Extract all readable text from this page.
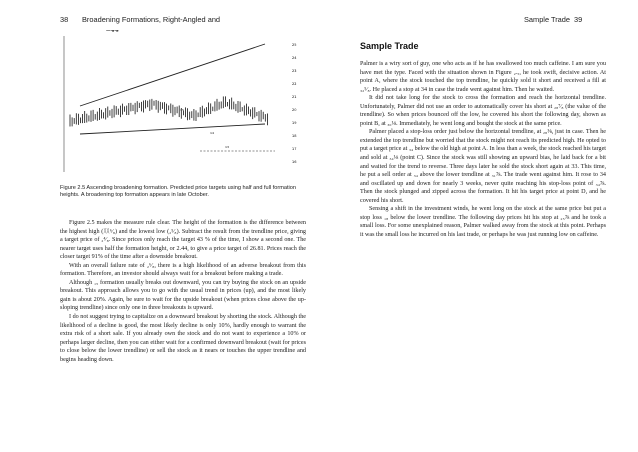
38 Broadening Formations, Right-Angled and
̶ ₐ̶ ₐ̶
₁₅
₁₄
₁₃
₂₅
₂₄
₂₃
₂₂
₂₁
₂₀
₁₉
₁₈
₁₇
₁₆
Figure 2.5 Ascending broadening formation. Predicted price targets using half and full formation heights. A broadening top formation appears in late October.

Figure 2.5 makes the measure rule clear. The height of the formation is the difference between the highest high (〷⁶⁄₈) and the lowest low (₂⁵⁄₈). Subtract the result from the trendline price, giving a target price of ₂⁴⁄₈. Since prices only reach the target 43 % of the time, I show a second one. The nearer target uses half the formation height, or 2.44, to give a price target of 26.81. Prices reach the closer target 91% of the time after a downside breakout.

With an overall failure rate of ₂⁶⁄₈, there is a high likelihood of an adverse breakout from this formation. Therefore, an investor should always wait for a breakout before making a trade.

Although ₁₅ formation usually breaks out downward, you can try buying the stock on an upside breakout. This approach allows you to go with the usual trend in prices (up), and the most likely gain is about 20%. Again, be sure to wait for the upside breakout (when prices close above the up-sloping trendline) since only one in three breakouts is upward.

I do not suggest trying to capitalize on a downward breakout by shorting the stock. Although the likelihood of a decline is good, the most likely decline is only 10%, hardly enough to warrant the extra risk of a short sale. If you already own the stock and do not want to experience a 10% or perhaps larger decline, then you can either wait for a confirmed downward breakout (wait for prices to close below the lower trendline) or sell the stock as it nears or touches the upper trendline and begins heading down.

Sample Trade 39
Sample Trade

Palmer is a wiry sort of guy, one who acts as if he has swallowed too much caffeine. I am sure you have met the type. Faced with the situation shown in Figure ₂.₅, he took swift, decisive action. At point A, where the stock touched the top trendline, he quickly sold it short and received a fill at ₃₂⁵⁄₈. He placed a stop at 34 in case the trade went against him. Then he waited.

It did not take long for the stock to cross the formation and reach the horizontal trendline. Unfortunately, Palmer did not use an order to automatically cover his short at ₂₈⁷⁄₈ (the value of the trendline). So when prices bounced off the low, he covered his short the following day, shown as point B, at ₃₀⅛. Immediately, he went long and bought the stock at the same price.

Palmer placed a stop-loss order just below the horizontal trendline, at ₂₈⅜, just in case. Then he extended the top trendline but worried that the stock might not reach its predicted high. He opted to put a target price at ₃₄ below the old high at point A. In less than a week, the stock reached his target and sold at ₃₄⅛ (point C). Since the stock was still showing an upward bias, he laid back for a bit and waited for the trend to reverse. Three days later he sold the stock short again at 33. This time, he put a sell order at ₃₄ above the lower trendline at ₃₁⅞. The trade went against him. It rose to 34 and oscillated up and down for nearly 3 weeks, never quite reaching his stop-loss point of ₃₄⅞. Then the stock plunged and zipped across the formation. It hit his target price at point D, and he covered his short.

Sensing a shift in the investment winds, he went long on the stock at the same price but put a stop loss ₁₈ below the lower trendline. The following day prices hit his stop at ₂₅⅞ and he took a small loss. For some unexplained reason, Palmer walked away from the stock at this point. Perhaps it was the small loss he incurred on his last trade, or perhaps he was just running low on caffeine.
